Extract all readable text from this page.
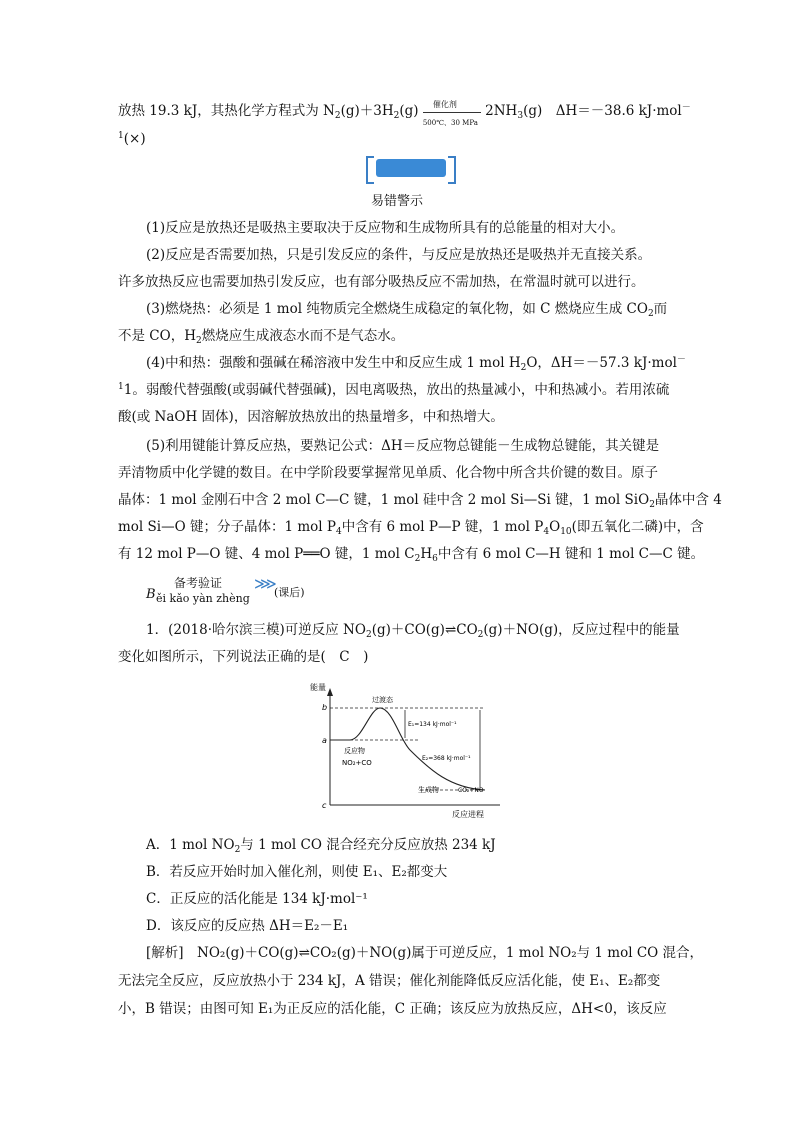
放热 19.3 kJ，其热化学方程式为 $N_2(g)+3H_2(g)$ 催化剂
500℃、30 MPa
$2NH_3(g)$　ΔH＝－38.6 kJ·mol－
$^1$(×)
易错警示
(1)反应是放热还是吸热主要取决于反应物和生成物所具有的总能量的相对大小。
(2)反应是否需要加热，只是引发反应的条件，与反应是放热还是吸热并无直接关系。
许多放热反应也需要加热引发反应，也有部分吸热反应不需加热，在常温时就可以进行。
(3)燃烧热：必须是 1 mol 纯物质完全燃烧生成稳定的氧化物，如 C 燃烧应生成 $CO_2$而
不是 CO，$H_2$燃烧应生成液态水而不是气态水。
(4)中和热：强酸和强碱在稀溶液中发生中和反应生成 1 mol $H_2O$，ΔH＝－57.3 kJ·mol－
$^1$1。弱酸代替强酸(或弱碱代替强碱)，因电离吸热，放出的热量减小，中和热减小。若用浓硫
酸(或 NaOH 固体)，因溶解放热放出的热量增多，中和热增大。
(5)利用键能计算反应热，要熟记公式：ΔH＝反应物总键能－生成物总键能，其关键是
弄清物质中化学键的数目。在中学阶段要掌握常见单质、化合物中所含共价键的数目。原子
晶体：1 mol 金刚石中含 2 mol C—C 键，1 mol 硅中含 2 mol Si—Si 键，1 mol SiO$_2$晶体中含 4
mol Si—O 键；分子晶体：1 mol $P_4$中含有 6 mol P—P 键，1 mol $P_4O_{10}$(即五氧化二磷)中，含
有 12 mol P—O 键、4 mol P══O 键，1 mol $C_2H_6$中含有 6 mol C—H 键和 1 mol C—C 键。
备考验证
B ěi kǎo yàn zhèng
⋙
(课后)
1．(2018·哈尔滨三模)可逆反应 $NO_2(g)+CO(g)\rightleftharpoons CO_2(g)+NO(g)$，反应过程中的能量
变化如图所示，下列说法正确的是(　C　)
能量
反应进程
b
a
c
过渡态
E₁=134 kJ·mol⁻¹
E₂=368 kJ·mol⁻¹
反应物
NO₂+CO
生成物	CO₂+NO
A．1 mol $NO_2$与 1 mol CO 混合经充分反应放热 234 kJ
B．若反应开始时加入催化剂，则使 E₁、E₂都变大
C．正反应的活化能是 134 kJ·mol⁻¹
D．该反应的反应热 ΔH＝E₂－E₁
[解析]　NO₂(g)＋CO(g)⇌CO₂(g)＋NO(g)属于可逆反应，1 mol NO₂与 1 mol CO 混合，
无法完全反应，反应放热小于 234 kJ，A 错误；催化剂能降低反应活化能，使 E₁、E₂都变
小，B 错误；由图可知 E₁为正反应的活化能，C 正确；该反应为放热反应，ΔH<0，该反应
